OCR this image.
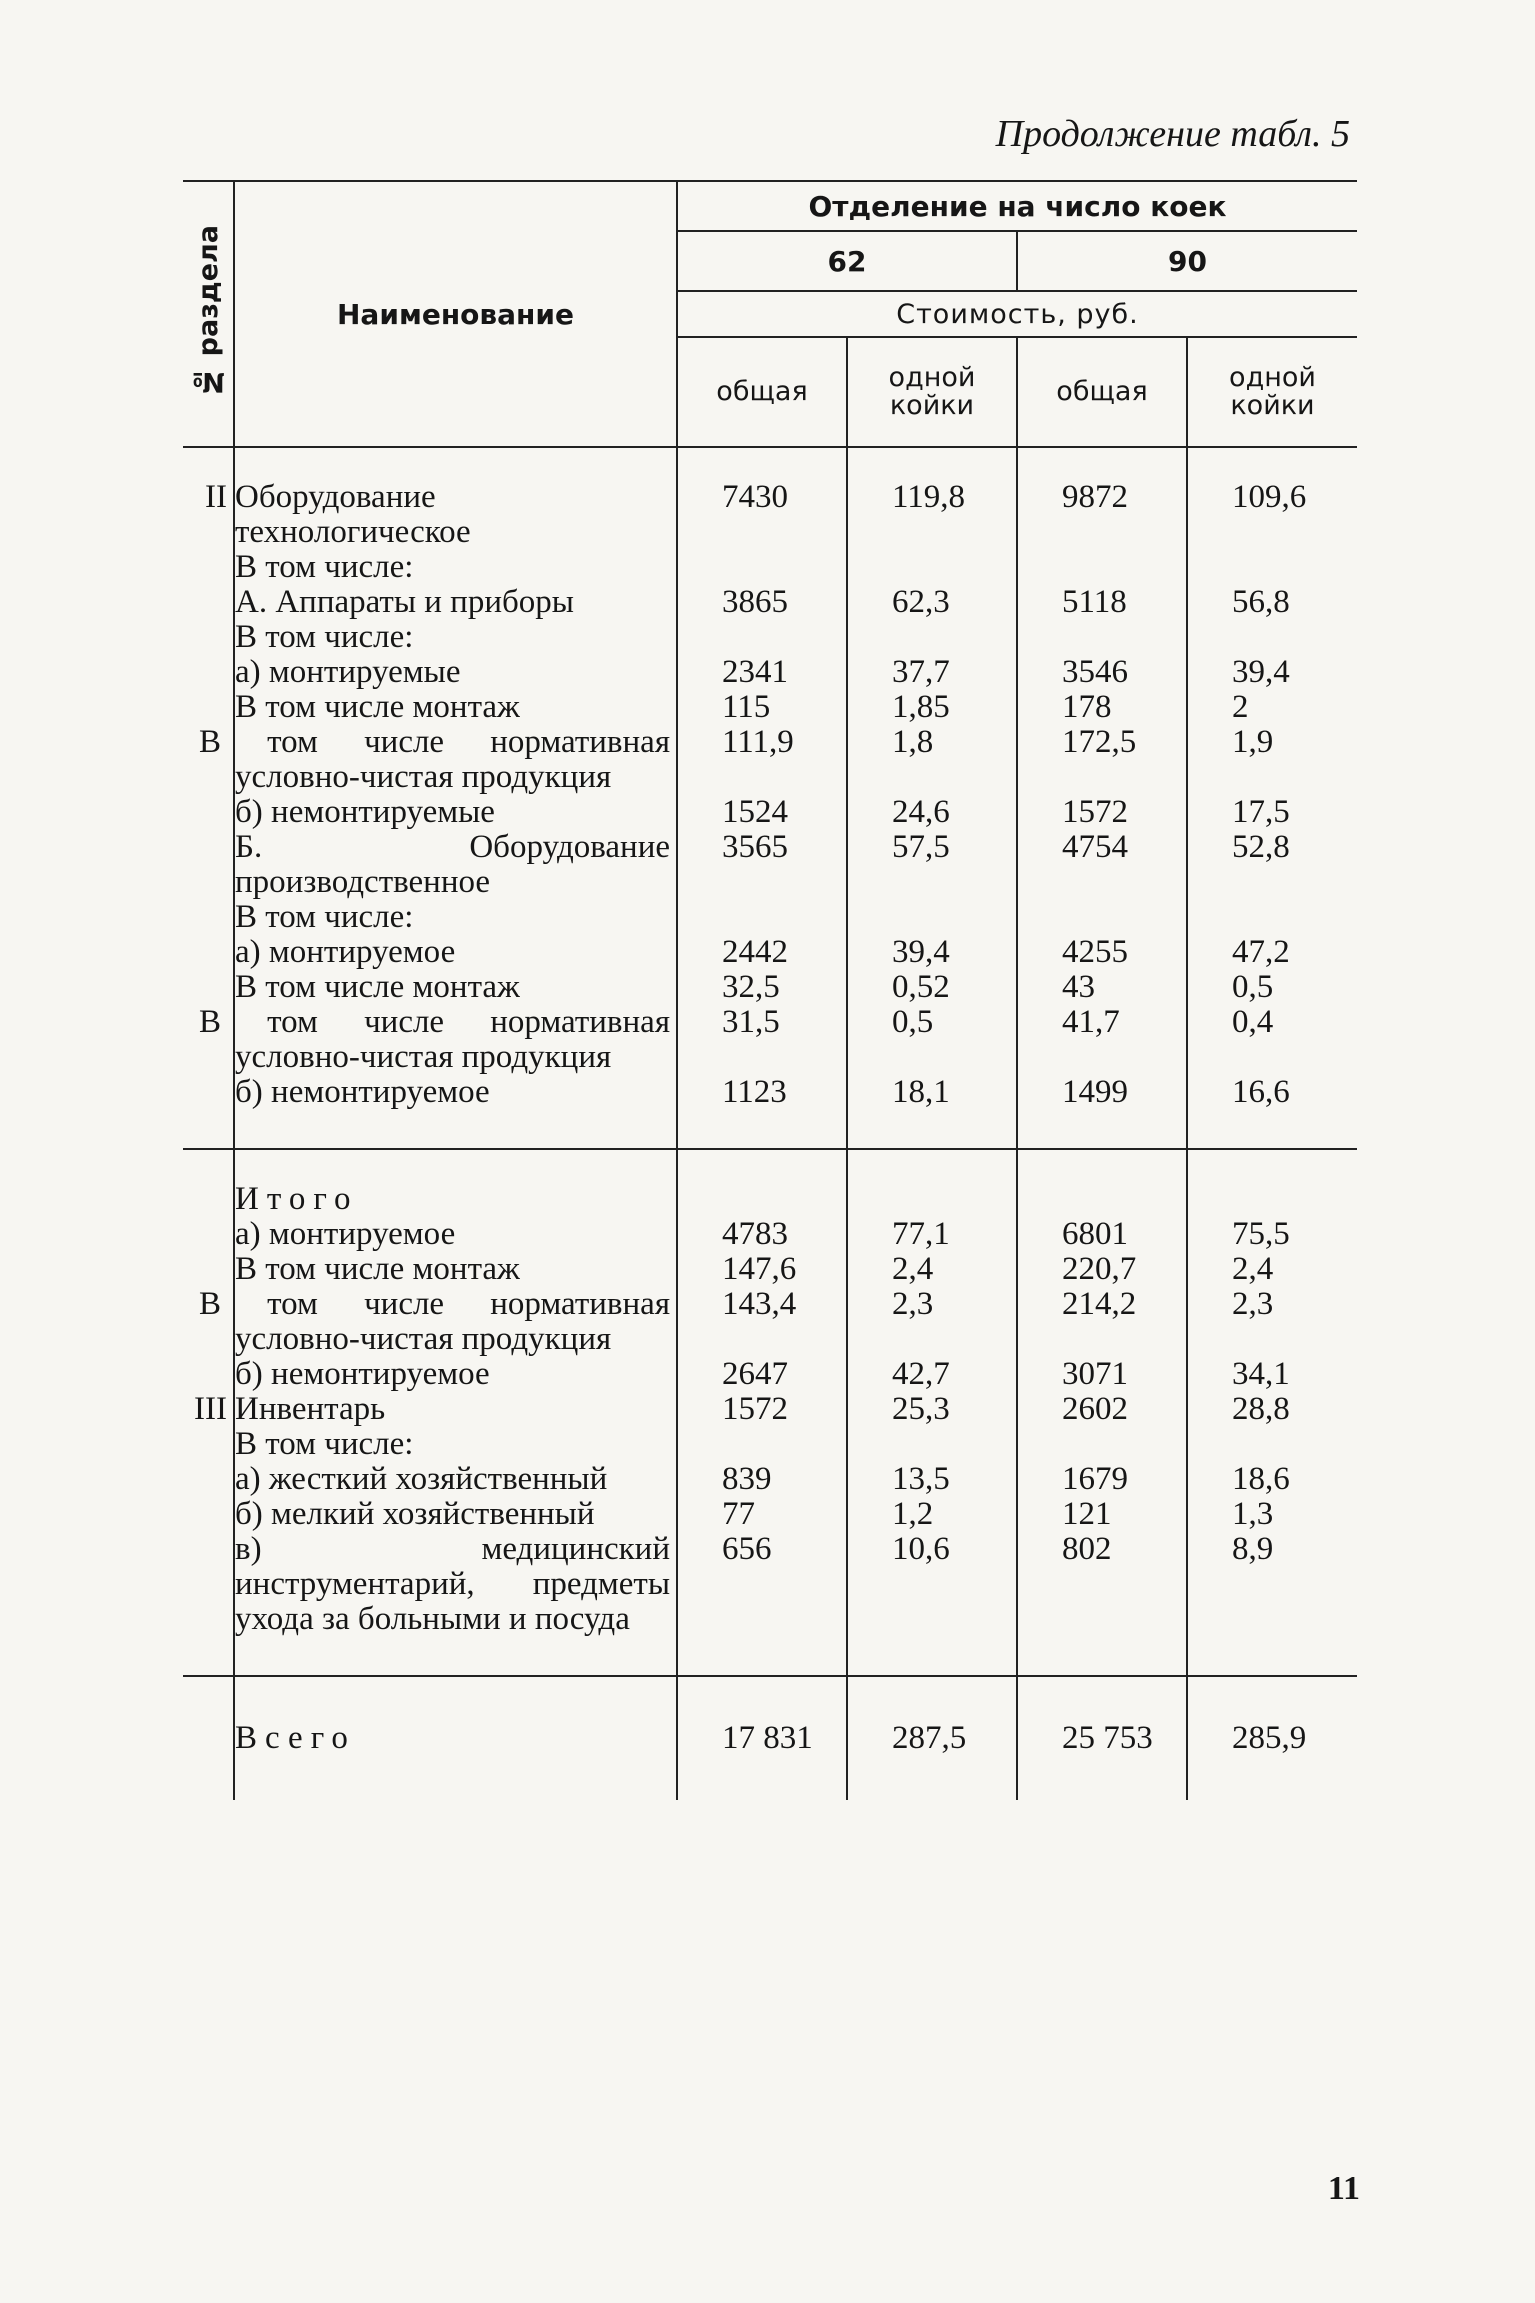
Продолжение табл. 5
№ раздела	Наименование	Отделение на число коек			
		62		90	
		Стоимость, руб.			
		общая	одной койки	общая	одной койки
II	Оборудование технологическое	7430	119,8	9872	109,6
	В том числе:				
	А. Аппараты и приборы	3865	62,3	5118	56,8
	В том числе:				
	а) монтируемые	2341	37,7	3546	39,4
	В том числе монтаж	115	1,85	178	2
	В том числе нормативная условно-чистая продукция	111,9	1,8	172,5	1,9
	б) немонтируемые	1524	24,6	1572	17,5
	Б. Оборудование производственное	3565	57,5	4754	52,8
	В том числе:				
	а) монтируемое	2442	39,4	4255	47,2
	В том числе монтаж	32,5	0,52	43	0,5
	В том числе нормативная условно-чистая продукция	31,5	0,5	41,7	0,4
	б) немонтируемое	1123	18,1	1499	16,6
	Итого				
	а) монтируемое	4783	77,1	6801	75,5
	В том числе монтаж	147,6	2,4	220,7	2,4
	В том числе нормативная условно-чистая продукция	143,4	2,3	214,2	2,3
	б) немонтируемое	2647	42,7	3071	34,1
III	Инвентарь	1572	25,3	2602	28,8
	В том числе:				
	а) жесткий хозяйственный	839	13,5	1679	18,6
	б) мелкий хозяйственный	77	1,2	121	1,3
	в) медицинский инструментарий, предметы ухода за больными и посуда	656	10,6	802	8,9
	Всего	17 831	287,5	25 753	285,9
11
